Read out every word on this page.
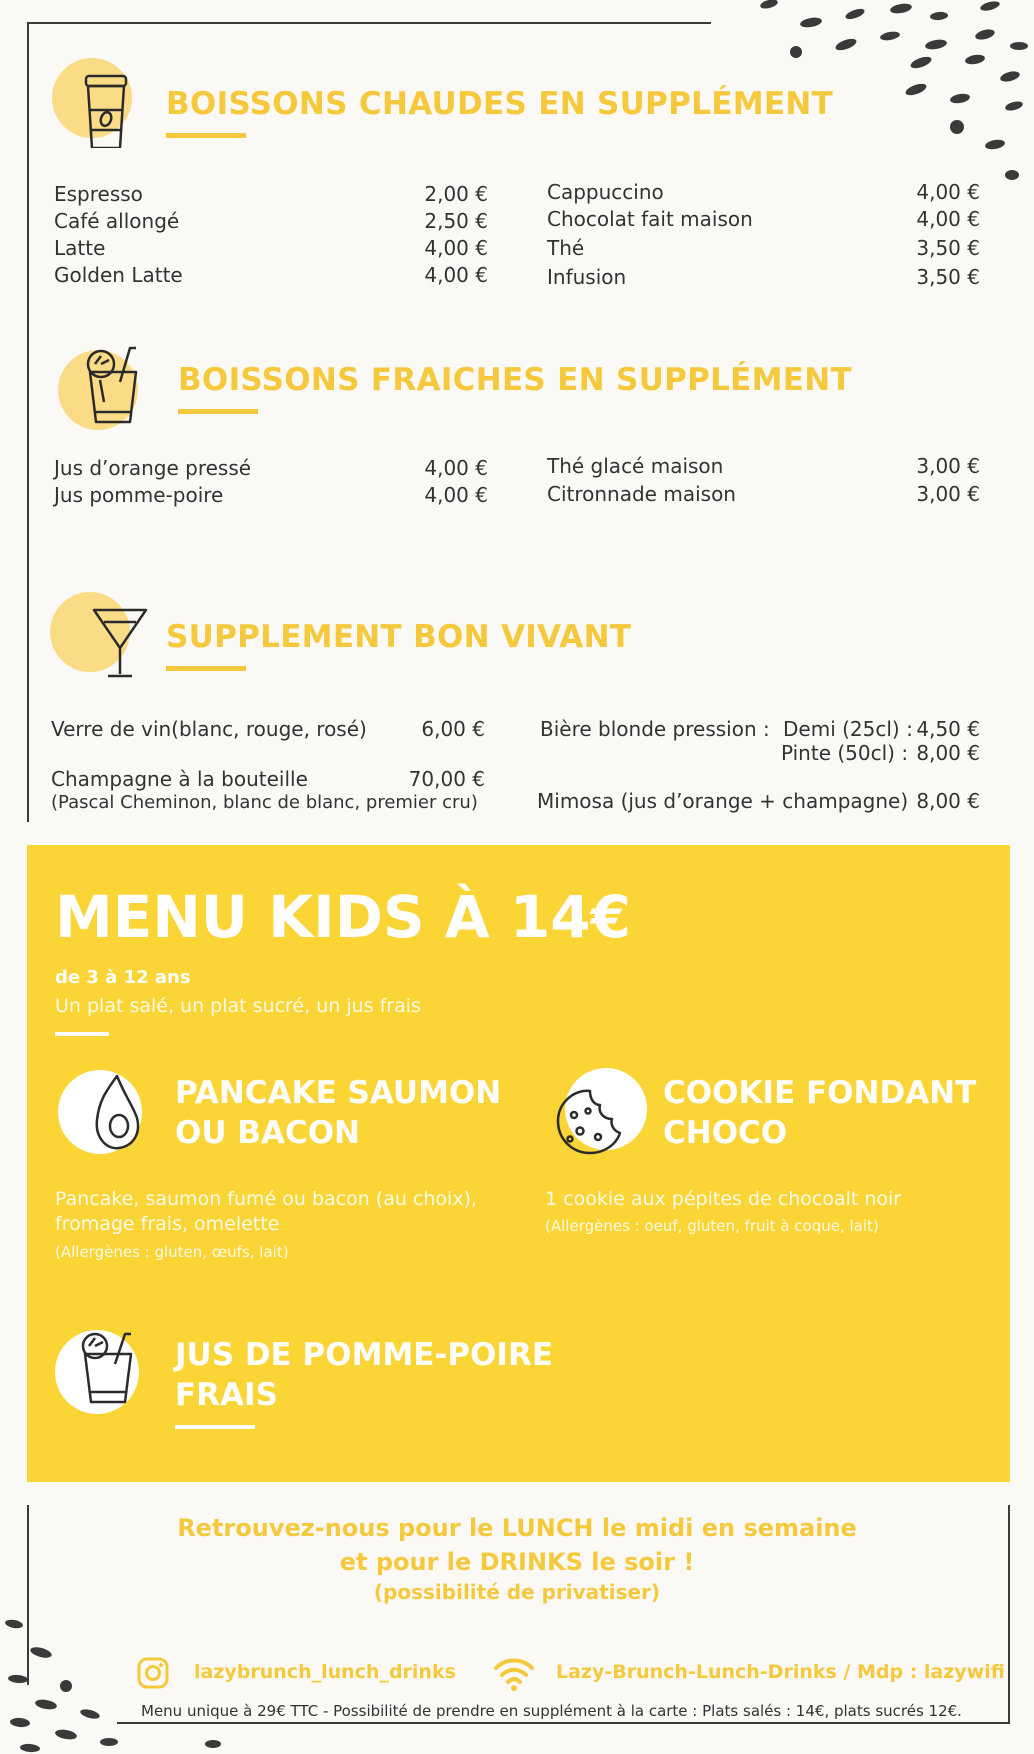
BOISSONS CHAUDES EN SUPPLÉMENT
Espresso	2,00 €
Café allongé	2,50 €
Latte	4,00 €
Golden Latte	4,00 €
Cappuccino	4,00 €
Chocolat fait maison	4,00 €
Thé	3,50 €
Infusion	3,50 €
BOISSONS FRAICHES EN SUPPLÉMENT
Jus d’orange pressé	4,00 €
Jus pomme-poire	4,00 €
Thé glacé maison	3,00 €
Citronnade maison	3,00 €
SUPPLEMENT BON VIVANT
Verre de vin(blanc, rouge, rosé)	6,00 €
Champagne à la bouteille	70,00 €
(Pascal Cheminon, blanc de blanc, premier cru)
Bière blonde pression : Demi (25cl) : 4,50 €
Pinte (50cl) : 8,00 €
Mimosa (jus d’orange + champagne) 8,00 €
MENU KIDS À 14€
de 3 à 12 ans
Un plat salé, un plat sucré, un jus frais
PANCAKE SAUMON
OU BACON
Pancake, saumon fumé ou bacon (au choix),
fromage frais, omelette
(Allergènes : gluten, œufs, lait)
COOKIE FONDANT
CHOCO
1 cookie aux pépites de chocoalt noir
(Allergènes : oeuf, gluten, fruit à coque, lait)
JUS DE POMME-POIRE
FRAIS
Retrouvez-nous pour le LUNCH le midi en semaine
et pour le DRINKS le soir !
(possibilité de privatiser)
lazybrunch_lunch_drinks	Lazy-Brunch-Lunch-Drinks / Mdp : lazywifi
Menu unique à 29€ TTC - Possibilité de prendre en supplément à la carte : Plats salés : 14€, plats sucrés 12€.
